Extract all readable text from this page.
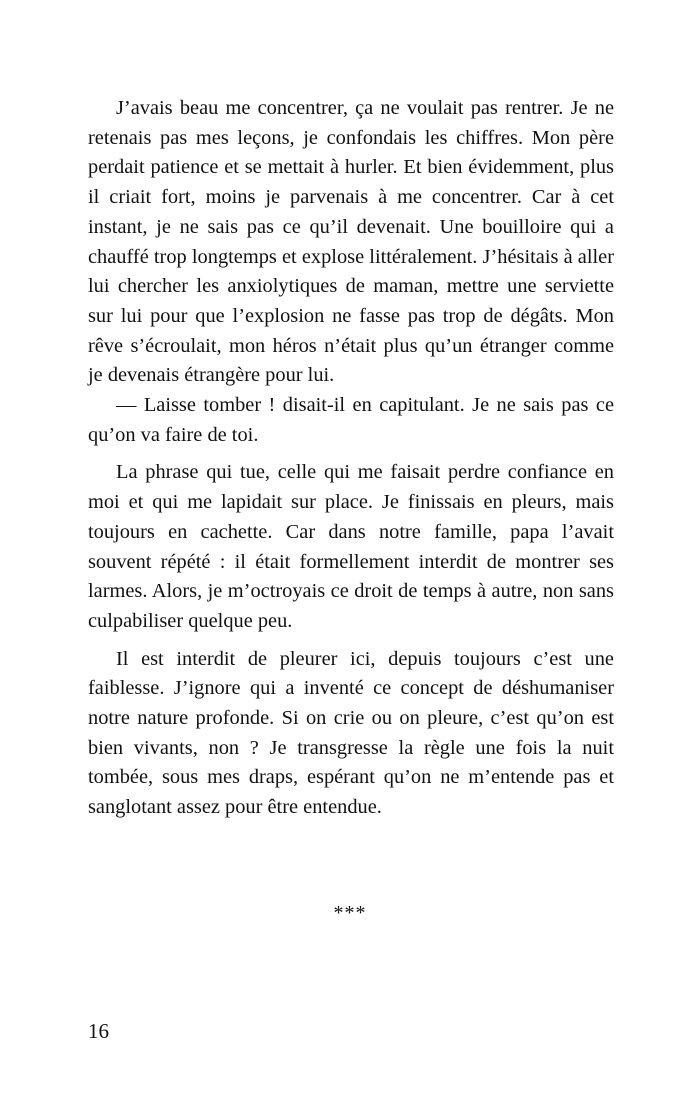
J’avais beau me concentrer, ça ne voulait pas rentrer. Je ne retenais pas mes leçons, je confondais les chiffres. Mon père perdait patience et se mettait à hurler. Et bien évidemment, plus il criait fort, moins je parvenais à me concentrer. Car à cet instant, je ne sais pas ce qu’il devenait. Une bouilloire qui a chauffé trop longtemps et explose littéralement. J’hésitais à aller lui chercher les anxiolytiques de maman, mettre une serviette sur lui pour que l’explosion ne fasse pas trop de dégâts. Mon rêve s’écroulait, mon héros n’était plus qu’un étranger comme je devenais étrangère pour lui.

— Laisse tomber ! disait-il en capitulant. Je ne sais pas ce qu’on va faire de toi.

La phrase qui tue, celle qui me faisait perdre confiance en moi et qui me lapidait sur place. Je finissais en pleurs, mais toujours en cachette. Car dans notre famille, papa l’avait souvent répété : il était formellement interdit de montrer ses larmes. Alors, je m’octroyais ce droit de temps à autre, non sans culpabiliser quelque peu.

Il est interdit de pleurer ici, depuis toujours c’est une faiblesse. J’ignore qui a inventé ce concept de déshumaniser notre nature profonde. Si on crie ou on pleure, c’est qu’on est bien vivants, non ? Je transgresse la règle une fois la nuit tombée, sous mes draps, espérant qu’on ne m’entende pas et sanglotant assez pour être entendue.

***
16
